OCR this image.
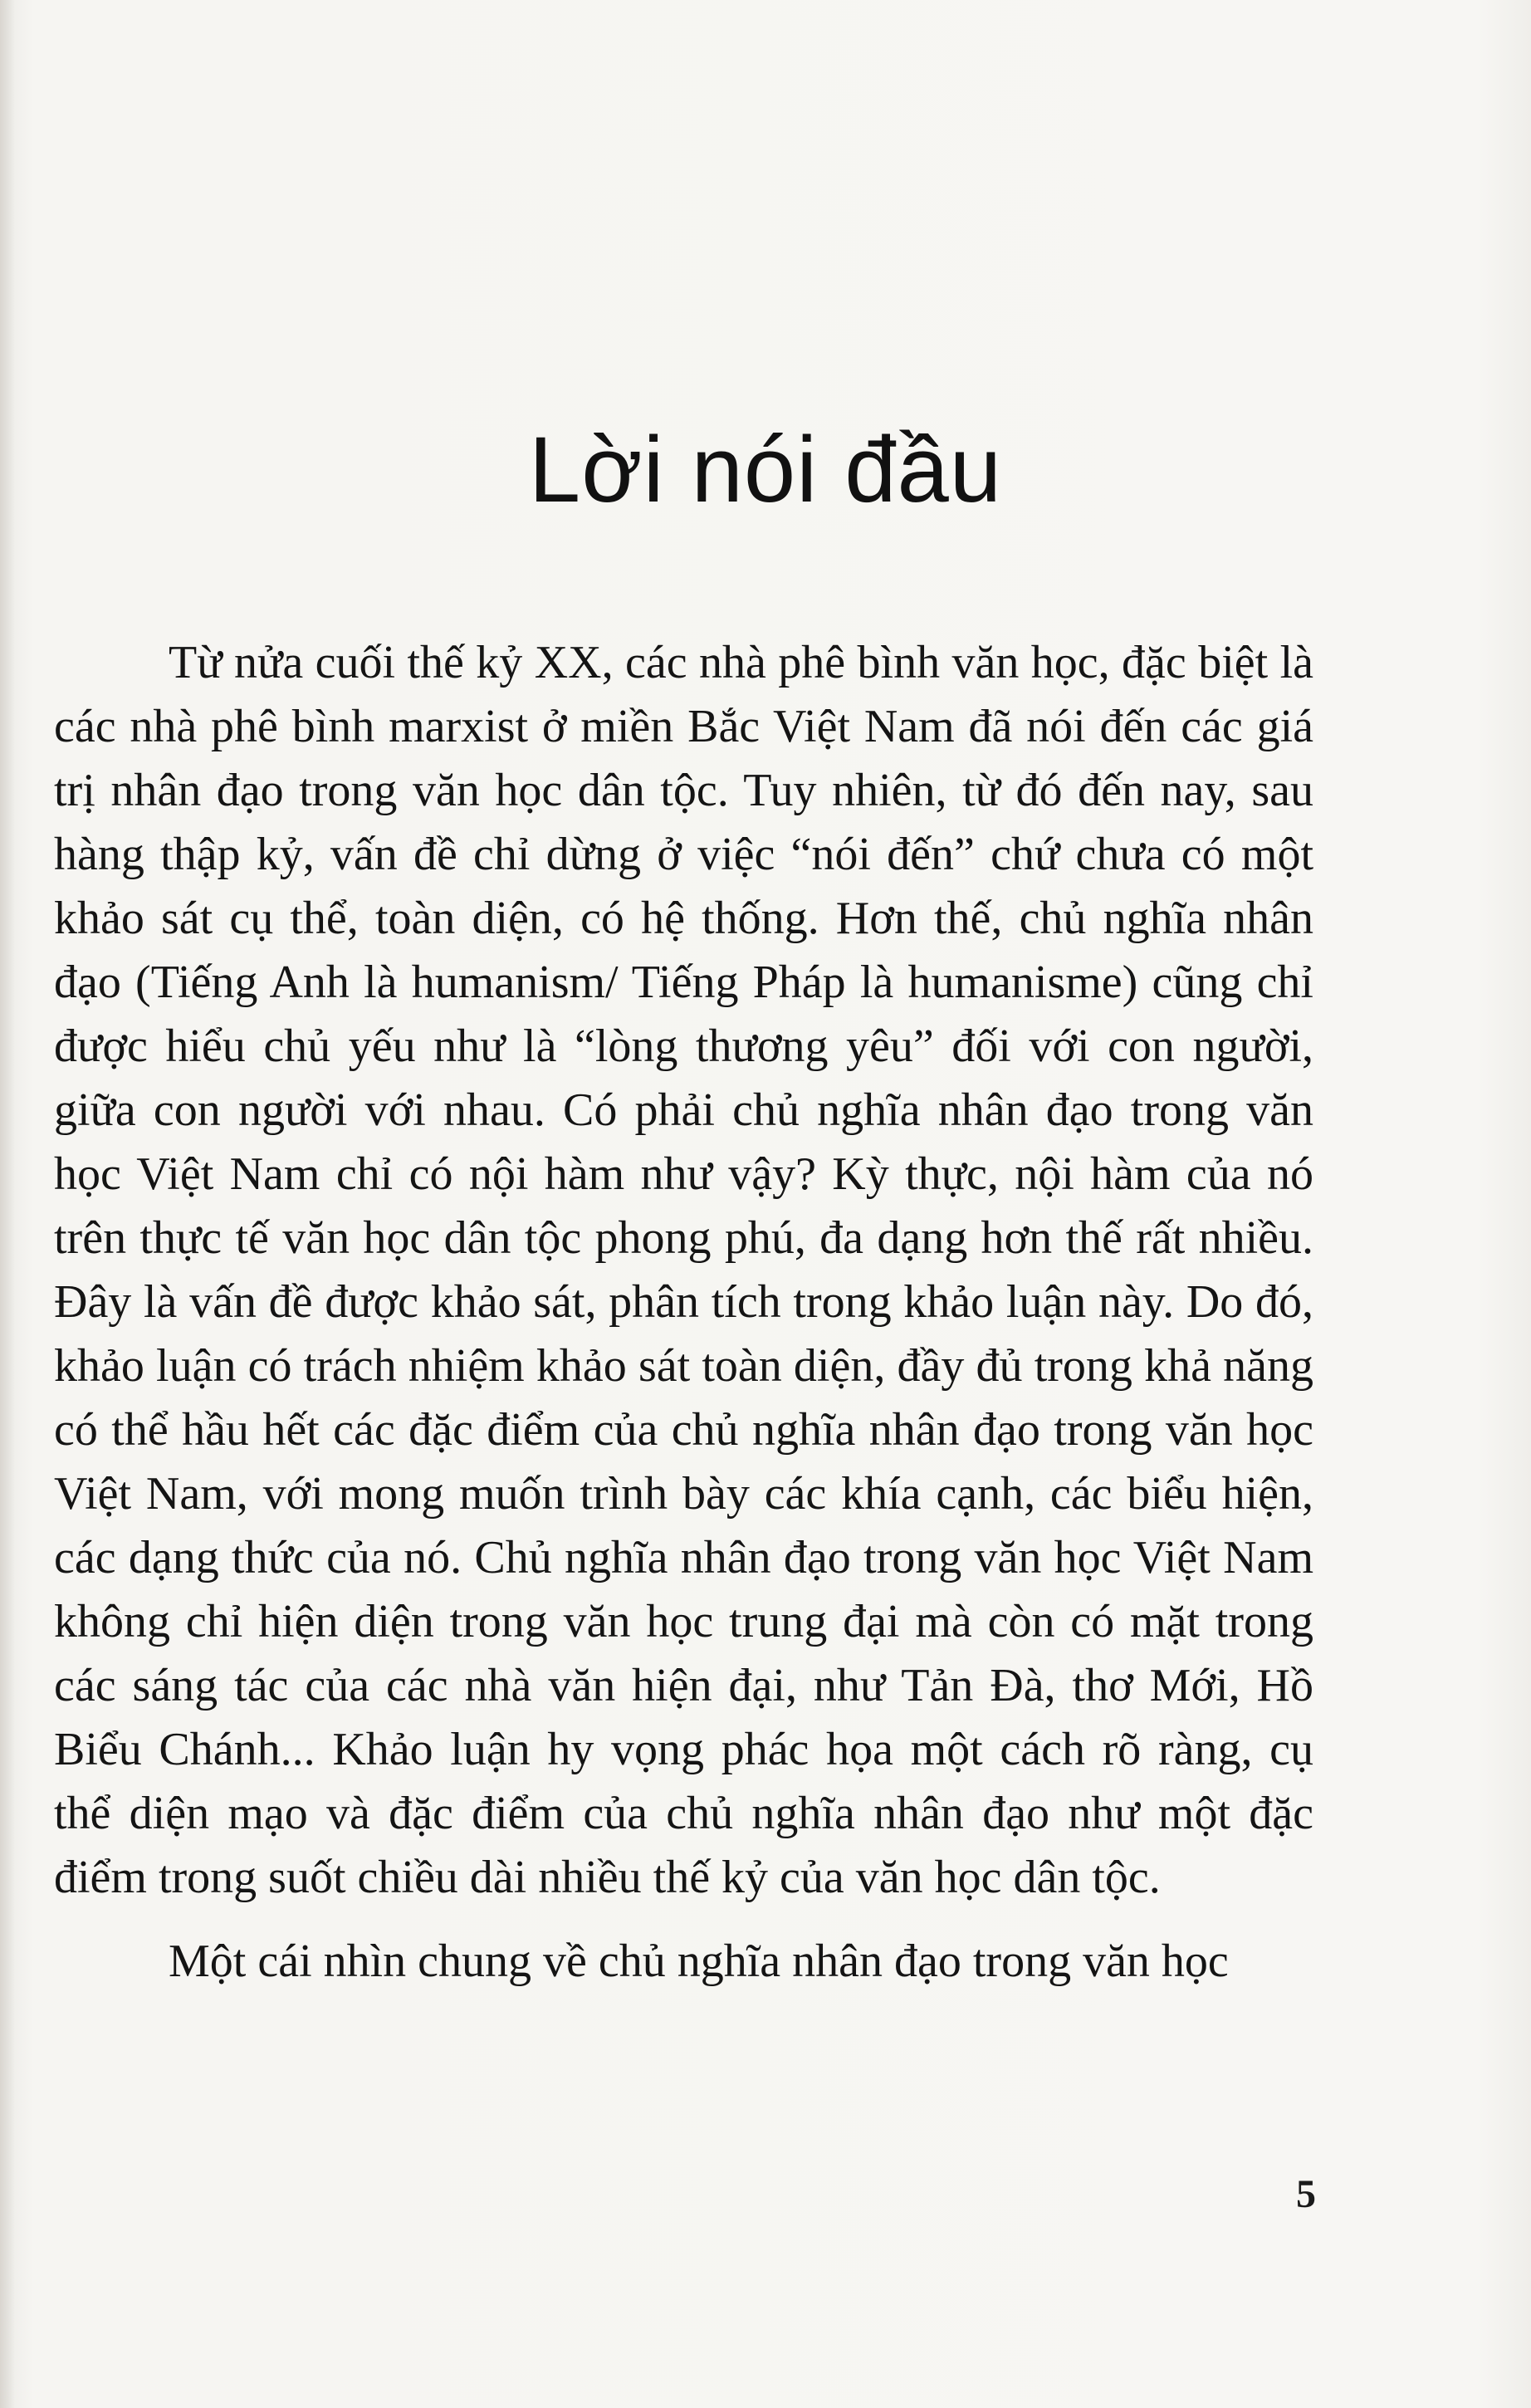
Lời nói đầu

Từ nửa cuối thế kỷ XX, các nhà phê bình văn học, đặc biệt là các nhà phê bình marxist ở miền Bắc Việt Nam đã nói đến các giá trị nhân đạo trong văn học dân tộc. Tuy nhiên, từ đó đến nay, sau hàng thập kỷ, vấn đề chỉ dừng ở việc “nói đến” chứ chưa có một khảo sát cụ thể, toàn diện, có hệ thống. Hơn thế, chủ nghĩa nhân đạo (Tiếng Anh là humanism/ Tiếng Pháp là humanisme) cũng chỉ được hiểu chủ yếu như là “lòng thương yêu” đối với con người, giữa con người với nhau. Có phải chủ nghĩa nhân đạo trong văn học Việt Nam chỉ có nội hàm như vậy? Kỳ thực, nội hàm của nó trên thực tế văn học dân tộc phong phú, đa dạng hơn thế rất nhiều. Đây là vấn đề được khảo sát, phân tích trong khảo luận này. Do đó, khảo luận có trách nhiệm khảo sát toàn diện, đầy đủ trong khả năng có thể hầu hết các đặc điểm của chủ nghĩa nhân đạo trong văn học Việt Nam, với mong muốn trình bày các khía cạnh, các biểu hiện, các dạng thức của nó. Chủ nghĩa nhân đạo trong văn học Việt Nam không chỉ hiện diện trong văn học trung đại mà còn có mặt trong các sáng tác của các nhà văn hiện đại, như Tản Đà, thơ Mới, Hồ Biểu Chánh... Khảo luận hy vọng phác họa một cách rõ ràng, cụ thể diện mạo và đặc điểm của chủ nghĩa nhân đạo như một đặc điểm trong suốt chiều dài nhiều thế kỷ của văn học dân tộc.

Một cái nhìn chung về chủ nghĩa nhân đạo trong văn học

5
